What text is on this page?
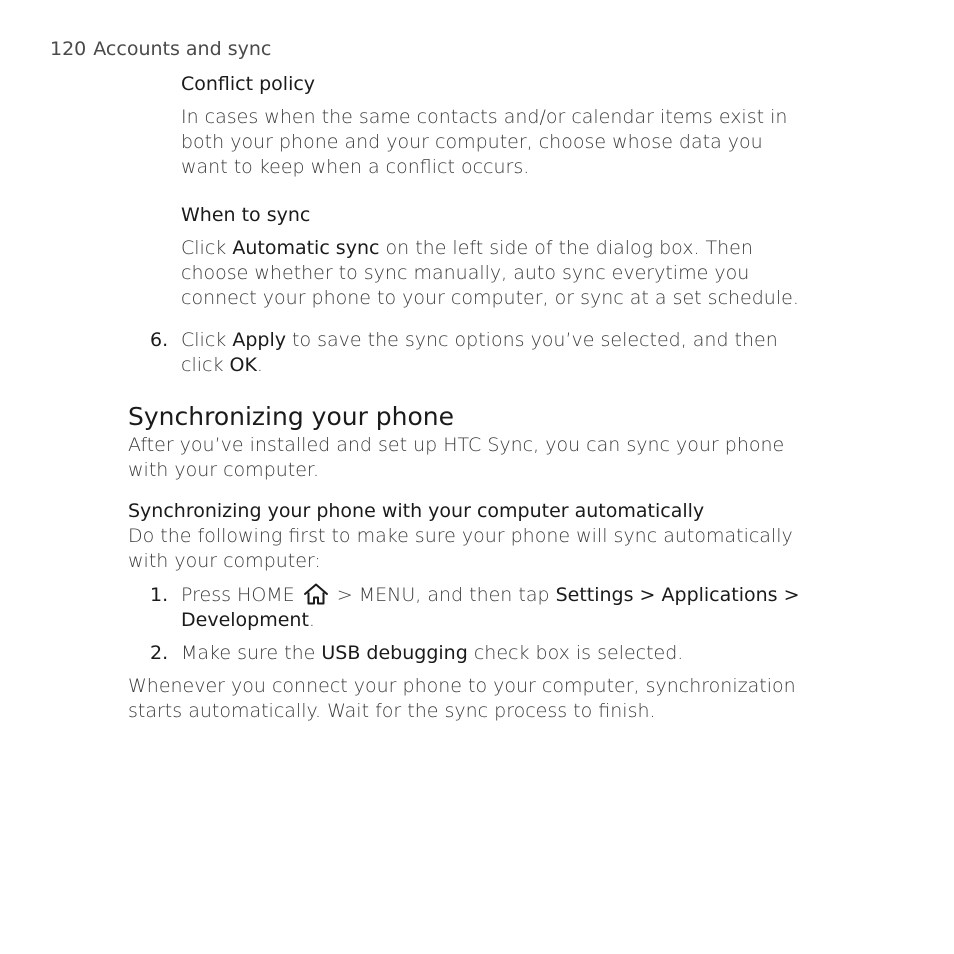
120 Accounts and sync
Conflict policy
In cases when the same contacts and/or calendar items exist in
both your phone and your computer, choose whose data you
want to keep when a conflict occurs.
When to sync
Click Automatic sync on the left side of the dialog box. Then
choose whether to sync manually, auto sync everytime you
connect your phone to your computer, or sync at a set schedule.
6. Click Apply to save the sync options you’ve selected, and then
click OK.
Synchronizing your phone
After you’ve installed and set up HTC Sync, you can sync your phone
with your computer.
Synchronizing your phone with your computer automatically
Do the following first to make sure your phone will sync automatically
with your computer:
1. Press HOME  > MENU, and then tap Settings > Applications >
Development.
2. Make sure the USB debugging check box is selected.
Whenever you connect your phone to your computer, synchronization
starts automatically. Wait for the sync process to finish.
